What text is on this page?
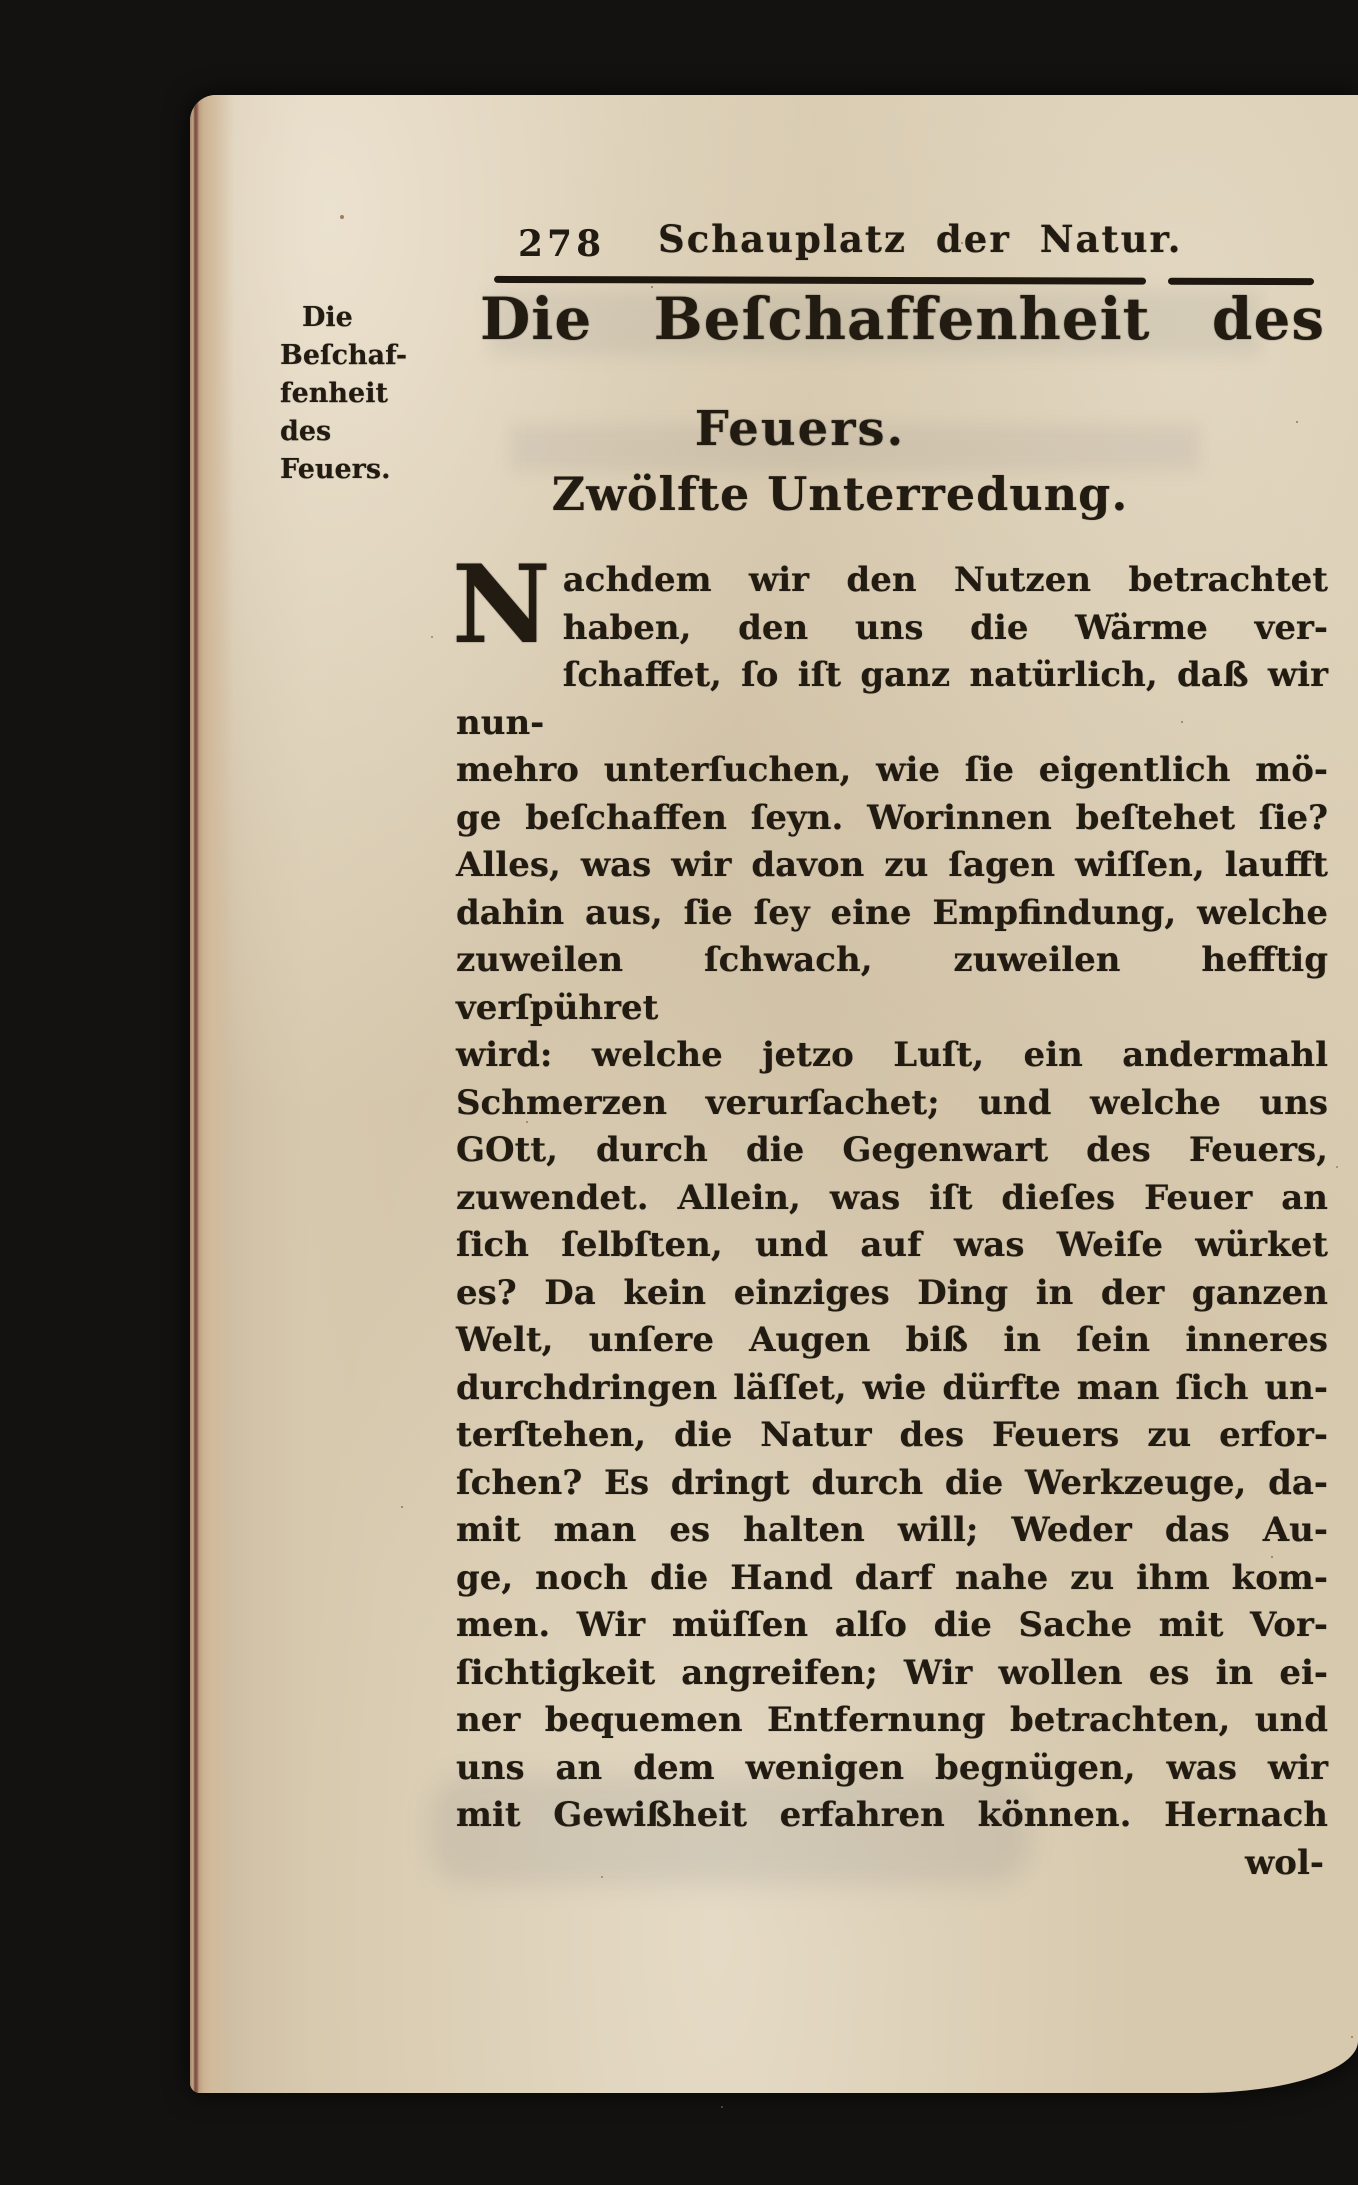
278 Schauplatz der Natur.
Die
Beſchaf-
fenheit
des
Feuers.
Die Beſchaffenheit des
Feuers.
Zwölfte Unterredung.
N achdem wir den Nutzen betrachtet
haben, den uns die Wärme ver-
ſchaffet, ſo iſt ganz natürlich, daß wir nun-
mehro unterſuchen, wie ſie eigentlich mö-
ge beſchaffen ſeyn. Worinnen beſtehet ſie?
Alles, was wir davon zu ſagen wiſſen, laufft
dahin aus, ſie ſey eine Empfindung, welche
zuweilen ſchwach, zuweilen hefftig verſpühret
wird: welche jetzo Luſt, ein andermahl
Schmerzen verurſachet; und welche uns
GOtt, durch die Gegenwart des Feuers,
zuwendet. Allein, was iſt dieſes Feuer an
ſich ſelbſten, und auf was Weiſe würket
es? Da kein einziges Ding in der ganzen
Welt, unſere Augen biß in ſein inneres
durchdringen läſſet, wie dürfte man ſich un-
terſtehen, die Natur des Feuers zu erfor-
ſchen? Es dringt durch die Werkzeuge, da-
mit man es halten will; Weder das Au-
ge, noch die Hand darf nahe zu ihm kom-
men. Wir müſſen alſo die Sache mit Vor-
ſichtigkeit angreifen; Wir wollen es in ei-
ner bequemen Entfernung betrachten, und
uns an dem wenigen begnügen, was wir
mit Gewißheit erfahren können. Hernach
wol-
